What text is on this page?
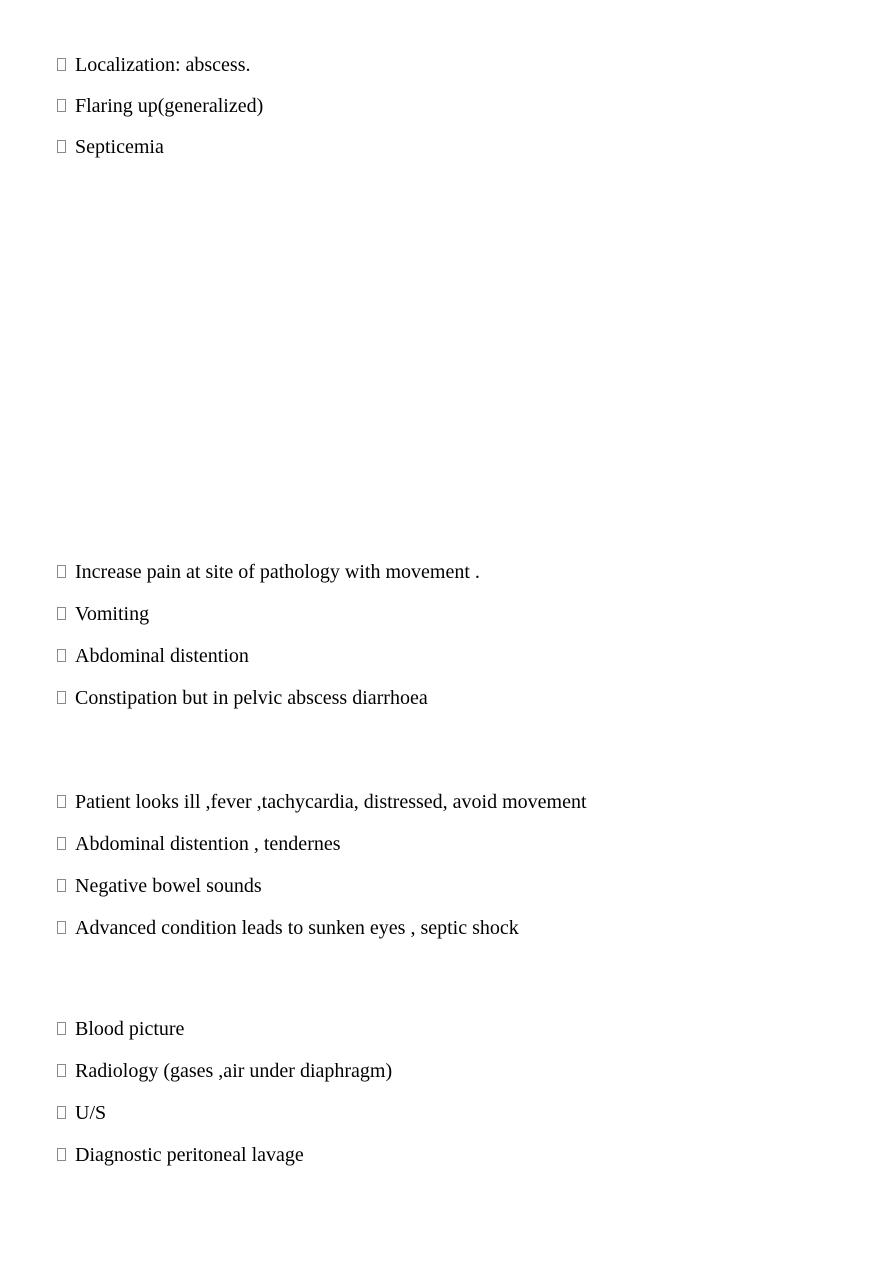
Localization: abscess.
Flaring up(generalized)
Septicemia
Increase pain at site of pathology with movement .
Vomiting
Abdominal distention
Constipation but in pelvic abscess diarrhoea
Patient looks ill ,fever ,tachycardia, distressed, avoid movement
Abdominal distention , tendernes
Negative bowel sounds
Advanced condition leads to sunken eyes , septic shock
Blood picture
Radiology (gases ,air under diaphragm)
U/S
Diagnostic peritoneal lavage
